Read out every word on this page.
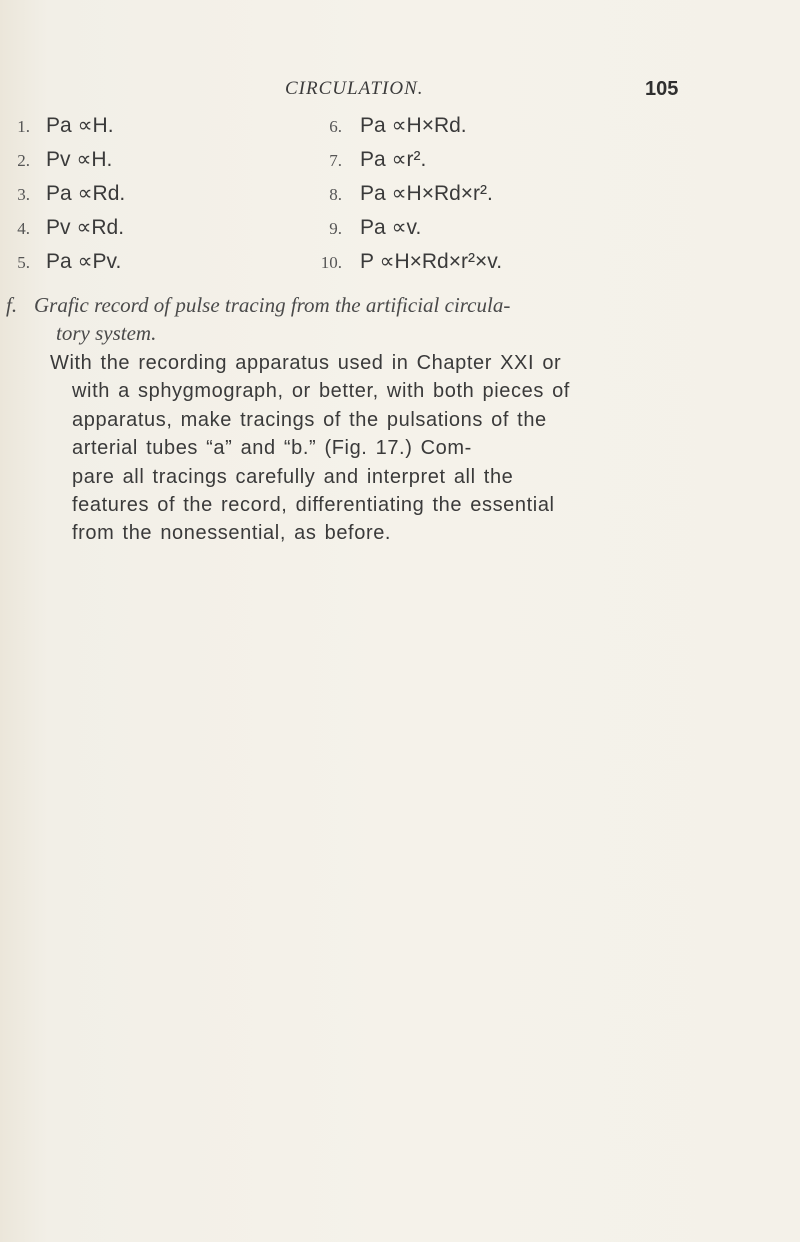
CIRCULATION.	105
1. Pa ∝H.
2. Pv ∝H.
3. Pa ∝Rd.
4. Pv ∝Rd.
5. Pa ∝Pv.
6. Pa ∝H×Rd.
7. Pa ∝r².
8. Pa ∝H×Rd×r².
9. Pa ∝v.
10. P ∝H×Rd×r²×v.
f. Grafic record of pulse tracing from the artificial circula-
tory system.
With the recording apparatus used in Chapter XXI or
with a sphygmograph, or better, with both pieces of
apparatus, make tracings of the pulsations of the
arterial tubes “a” and “b.” (Fig. 17.) Com-
pare all tracings carefully and interpret all the
features of the record, differentiating the essential
from the nonessential, as before.
